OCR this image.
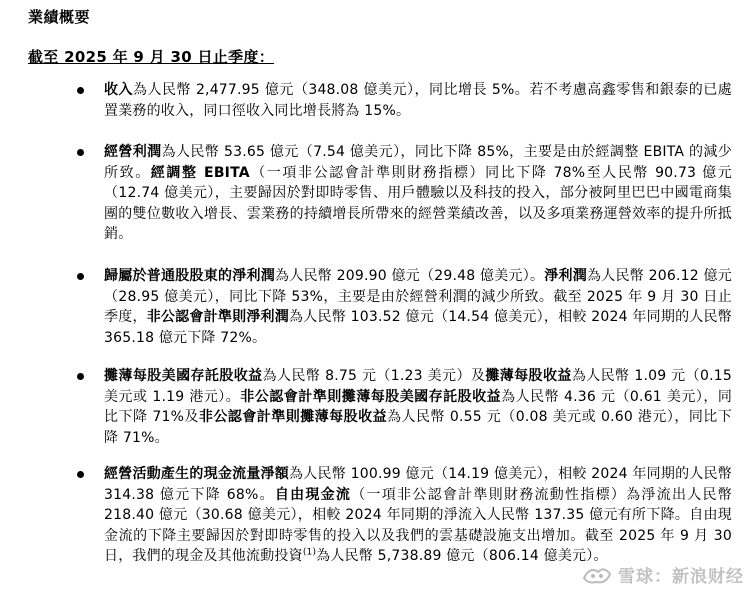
業績概要
截至 2025 年 9 月 30 日止季度：
收入為人民幣 2,477.95 億元（348.08 億美元），同比增長 5%。若不考慮高鑫零售和銀泰的已處置業務的收入，同口徑收入同比增長將為 15%。
經營利潤為人民幣 53.65 億元（7.54 億美元），同比下降 85%，主要是由於經調整 EBITA 的減少所致。經調整 EBITA（一項非公認會計準則財務指標）同比下降 78%至人民幣 90.73 億元（12.74 億美元），主要歸因於對即時零售、用戶體驗以及科技的投入，部分被阿里巴巴中國電商集團的雙位數收入增長、雲業務的持續增長所帶來的經營業績改善，以及多項業務運營效率的提升所抵銷。
歸屬於普通股股東的淨利潤為人民幣 209.90 億元（29.48 億美元）。淨利潤為人民幣 206.12 億元（28.95 億美元），同比下降 53%，主要是由於經營利潤的減少所致。截至 2025 年 9 月 30 日止季度，非公認會計準則淨利潤為人民幣 103.52 億元（14.54 億美元），相較 2024 年同期的人民幣 365.18 億元下降 72%。
攤薄每股美國存託股收益為人民幣 8.75 元（1.23 美元）及攤薄每股收益為人民幣 1.09 元（0.15 美元或 1.19 港元）。非公認會計準則攤薄每股美國存託股收益為人民幣 4.36 元（0.61 美元），同比下降 71%及非公認會計準則攤薄每股收益為人民幣 0.55 元（0.08 美元或 0.60 港元），同比下降 71%。
經營活動產生的現金流量淨額為人民幣 100.99 億元（14.19 億美元），相較 2024 年同期的人民幣 314.38 億元下降 68%。自由現金流（一項非公認會計準則財務流動性指標）為淨流出人民幣 218.40 億元（30.68 億美元），相較 2024 年同期的淨流入人民幣 137.35 億元有所下降。自由現金流的下降主要歸因於對即時零售的投入以及我們的雲基礎設施支出增加。截至 2025 年 9 月 30 日，我們的現金及其他流動投資$^{(1)}$為人民幣 5,738.89 億元（806.14 億美元）。
雪球：新浪财经
